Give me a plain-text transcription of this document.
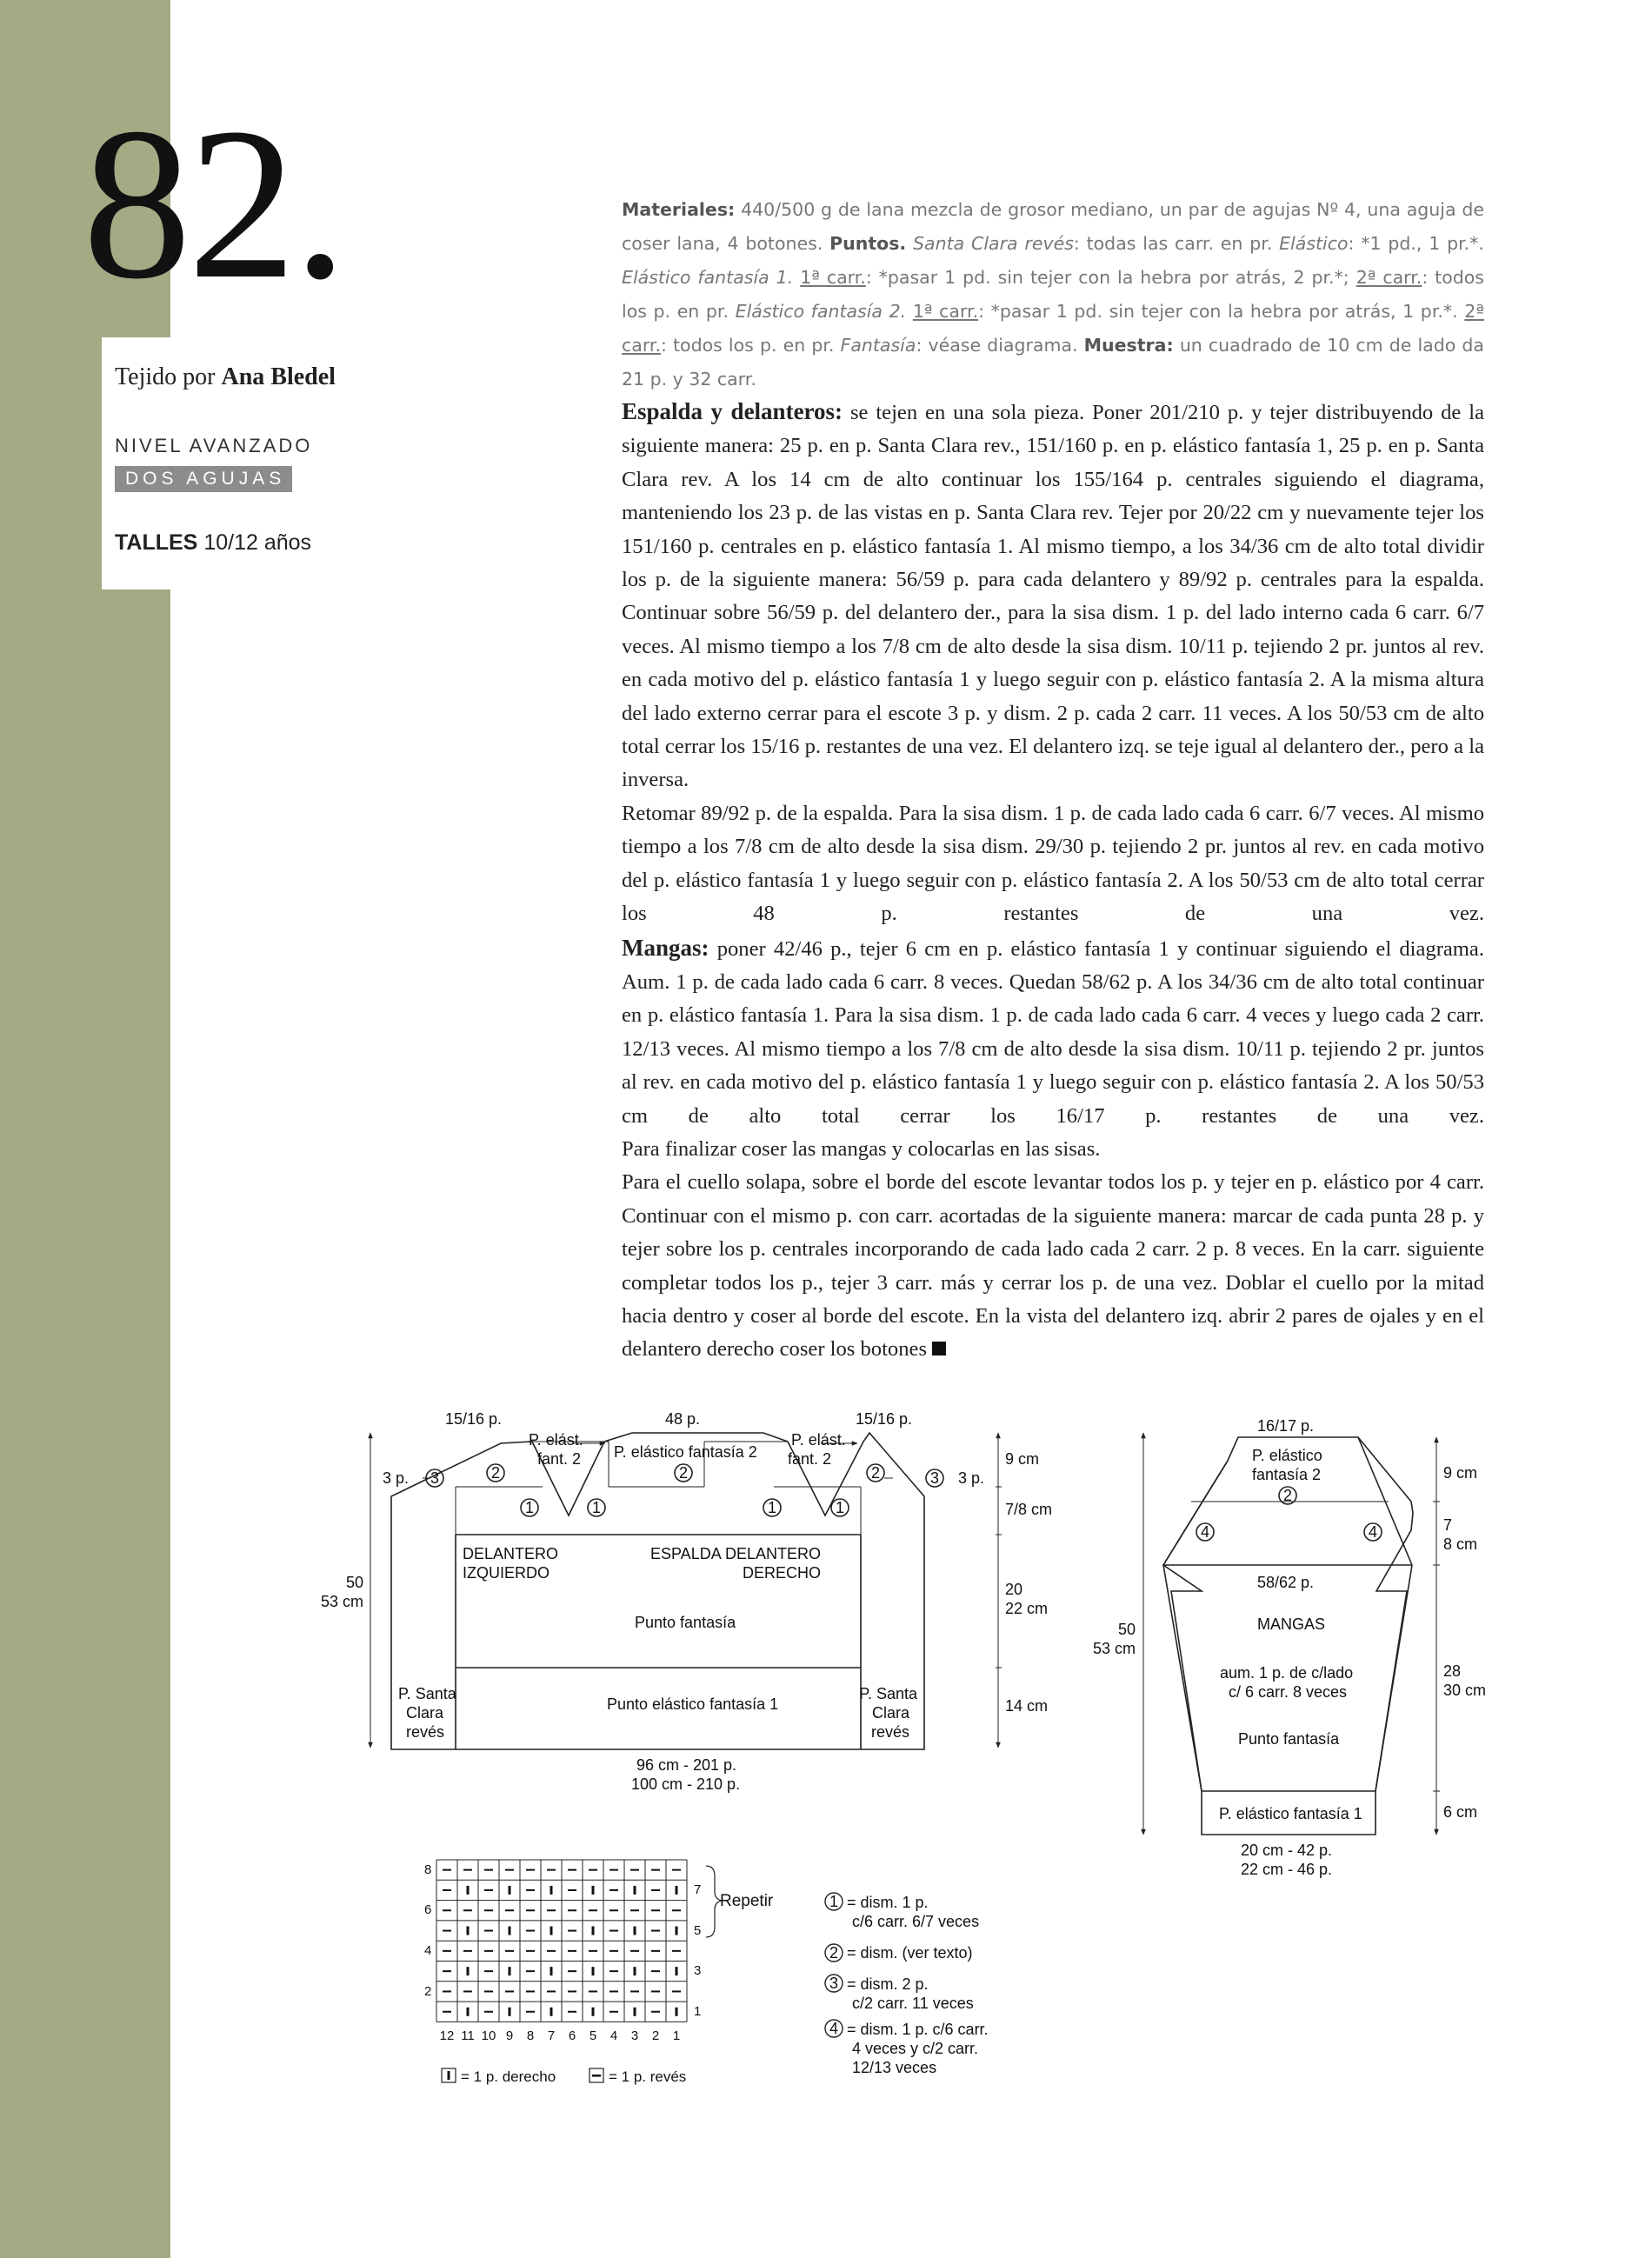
82.
Tejido por Ana Bledel
NIVEL AVANZADO
DOS AGUJAS
TALLES 10/12 años
Materiales: 440/500 g de lana mezcla de grosor mediano, un par de agujas Nº 4, una aguja de coser lana, 4 botones. Puntos. Santa Clara revés: todas las carr. en pr. Elástico: *1 pd., 1 pr.*. Elástico fantasía 1. 1ª carr.: *pasar 1 pd. sin tejer con la hebra por atrás, 2 pr.*; 2ª carr.: todos los p. en pr. Elástico fantasía 2. 1ª carr.: *pasar 1 pd. sin tejer con la hebra por atrás, 1 pr.*. 2ª carr.: todos los p. en pr. Fantasía: véase diagrama. Muestra: un cuadrado de 10 cm de lado da 21 p. y 32 carr.

Espalda y delanteros: se tejen en una sola pieza. Poner 201/210 p. y tejer distribuyendo de la siguiente manera: 25 p. en p. Santa Clara rev., 151/160 p. en p. elástico fantasía 1, 25 p. en p. Santa Clara rev. A los 14 cm de alto continuar los 155/164 p. centrales siguiendo el diagrama, manteniendo los 23 p. de las vistas en p. Santa Clara rev. Tejer por 20/22 cm y nuevamente tejer los 151/160 p. centrales en p. elástico fantasía 1. Al mismo tiempo, a los 34/36 cm de alto total dividir los p. de la siguiente manera: 56/59 p. para cada delantero y 89/92 p. centrales para la espalda. Continuar sobre 56/59 p. del delantero der., para la sisa dism. 1 p. del lado interno cada 6 carr. 6/7 veces. Al mismo tiempo a los 7/8 cm de alto desde la sisa dism. 10/11 p. tejiendo 2 pr. juntos al rev. en cada motivo del p. elástico fantasía 1 y luego seguir con p. elástico fantasía 2. A la misma altura del lado externo cerrar para el escote 3 p. y dism. 2 p. cada 2 carr. 11 veces. A los 50/53 cm de alto total cerrar los 15/16 p. restantes de una vez. El delantero izq. se teje igual al delantero der., pero a la inversa.

Retomar 89/92 p. de la espalda. Para la sisa dism. 1 p. de cada lado cada 6 carr. 6/7 veces. Al mismo tiempo a los 7/8 cm de alto desde la sisa dism. 29/30 p. tejiendo 2 pr. juntos al rev. en cada motivo del p. elástico fantasía 1 y luego seguir con p. elástico fantasía 2. A los 50/53 cm de alto total cerrar los 48 p. restantes de una vez.

Mangas: poner 42/46 p., tejer 6 cm en p. elástico fantasía 1 y continuar siguiendo el diagrama. Aum. 1 p. de cada lado cada 6 carr. 8 veces. Quedan 58/62 p. A los 34/36 cm de alto total continuar en p. elástico fantasía 1. Para la sisa dism. 1 p. de cada lado cada 6 carr. 4 veces y luego cada 2 carr. 12/13 veces. Al mismo tiempo a los 7/8 cm de alto desde la sisa dism. 10/11 p. tejiendo 2 pr. juntos al rev. en cada motivo del p. elástico fantasía 1 y luego seguir con p. elástico fantasía 2. A los 50/53 cm de alto total cerrar los 16/17 p. restantes de una vez.

Para finalizar coser las mangas y colocarlas en las sisas.

Para el cuello solapa, sobre el borde del escote levantar todos los p. y tejer en p. elástico por 4 carr. Continuar con el mismo p. con carr. acortadas de la siguiente manera: marcar de cada punta 28 p. y tejer sobre los p. centrales incorporando de cada lado cada 2 carr. 2 p. 8 veces. En la carr. siguiente completar todos los p., tejer 3 carr. más y cerrar los p. de una vez. Doblar el cuello por la mitad hacia dentro y coser al borde del escote. En la vista del delantero izq. abrir 2 pares de ojales y en el delantero derecho coser los botones

15/16 p.	48 p.	15/16 p.
P. elást.
fant. 2 P. elástico fantasía 2
P. elást.
fant. 2
3 p.	3 p.
3	2	2	2	3
1	1	1	1
DELANTERO
IZQUIERDO
ESPALDA DELANTERO
DERECHO
Punto fantasía
Punto elástico fantasía 1
P. Santa
Clara
revés
P. Santa
Clara
revés
50
53 cm
9 cm
7/8 cm
20
22 cm
14 cm
96 cm - 201 p.
100 cm - 210 p.
16/17 p.
P. elástico
fantasía 2
2
4	4
58/62 p.
MANGAS
aum. 1 p. de c/lado
c/ 6 carr. 8 veces
Punto fantasía
P. elástico fantasía 1
50
53 cm
9 cm
7
8 cm
28
30 cm
6 cm
20 cm - 42 p.
22 cm - 46 p.
8
6
4
2
7
5
3
1
12 11 10 9 8 7 6 5 4 3 2 1
Repetir
= 1 p. derecho	= 1 p. revés
1 = dism. 1 p.
c/6 carr. 6/7 veces
2 = dism. (ver texto)
3 = dism. 2 p.
c/2 carr. 11 veces
4 = dism. 1 p. c/6 carr.
4 veces y c/2 carr.
12/13 veces
